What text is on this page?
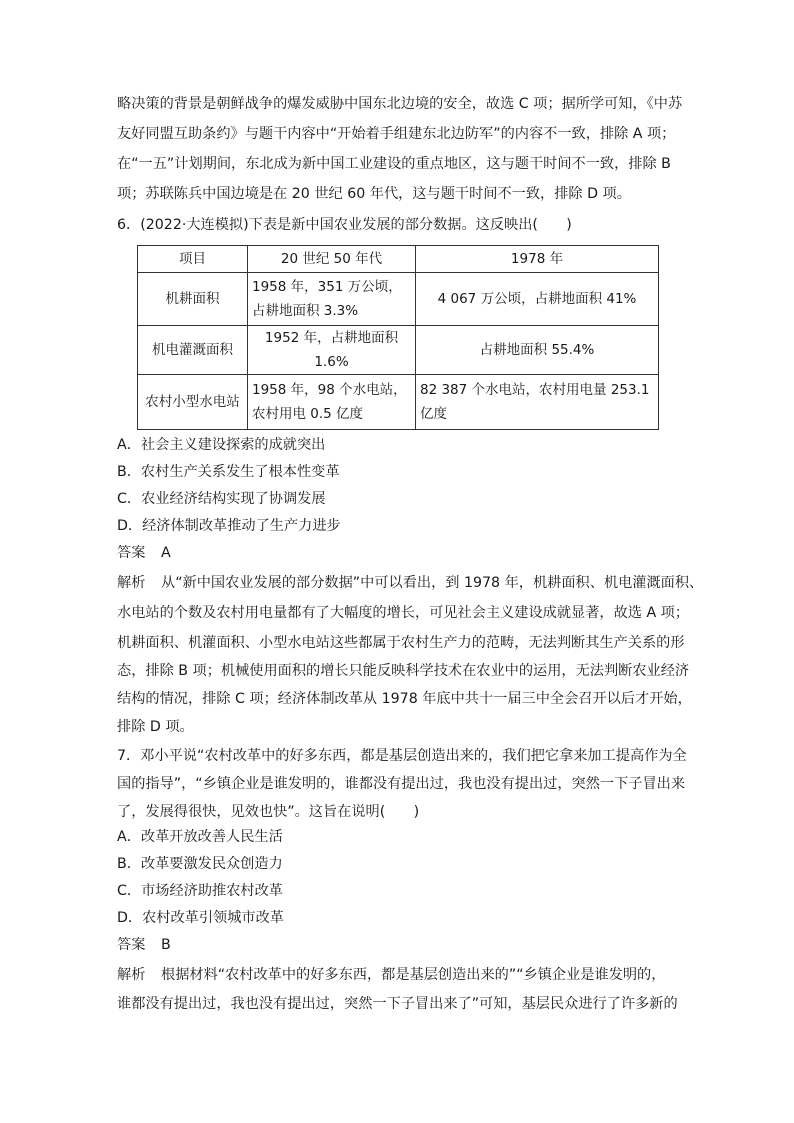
略决策的背景是朝鲜战争的爆发威胁中国东北边境的安全，故选 C 项；据所学可知，《中苏
友好同盟互助条约》与题干内容中“开始着手组建东北边防军”的内容不一致，排除 A 项；
在“一五”计划期间，东北成为新中国工业建设的重点地区，这与题干时间不一致，排除 B
项；苏联陈兵中国边境是在 20 世纪 60 年代，这与题干时间不一致，排除 D 项。
6．(2022·大连模拟)下表是新中国农业发展的部分数据。这反映出(　　)
项目	20 世纪 50 年代	1978 年
机耕面积	1958 年，351 万公顷，占耕地面积 3.3%	4 067 万公顷，占耕地面积 41%
机电灌溉面积	1952 年，占耕地面积 1.6%	占耕地面积 55.4%
农村小型水电站	1958 年，98 个水电站，农村用电 0.5 亿度	82 387 个水电站，农村用电量 253.1 亿度
A．社会主义建设探索的成就突出
B．农村生产关系发生了根本性变革
C．农业经济结构实现了协调发展
D．经济体制改革推动了生产力进步
答案 A
解析 从“新中国农业发展的部分数据”中可以看出，到 1978 年，机耕面积、机电灌溉面积、
水电站的个数及农村用电量都有了大幅度的增长，可见社会主义建设成就显著，故选 A 项；
机耕面积、机灌面积、小型水电站这些都属于农村生产力的范畴，无法判断其生产关系的形
态，排除 B 项；机械使用面积的增长只能反映科学技术在农业中的运用，无法判断农业经济
结构的情况，排除 C 项；经济体制改革从 1978 年底中共十一届三中全会召开以后才开始，
排除 D 项。
7．邓小平说“农村改革中的好多东西，都是基层创造出来的，我们把它拿来加工提高作为全
国的指导”，“乡镇企业是谁发明的，谁都没有提出过，我也没有提出过，突然一下子冒出来
了，发展得很快，见效也快”。这旨在说明(　　)
A．改革开放改善人民生活
B．改革要激发民众创造力
C．市场经济助推农村改革
D．农村改革引领城市改革
答案 B
解析 根据材料“农村改革中的好多东西，都是基层创造出来的”“乡镇企业是谁发明的，
谁都没有提出过，我也没有提出过，突然一下子冒出来了”可知，基层民众进行了许多新的
